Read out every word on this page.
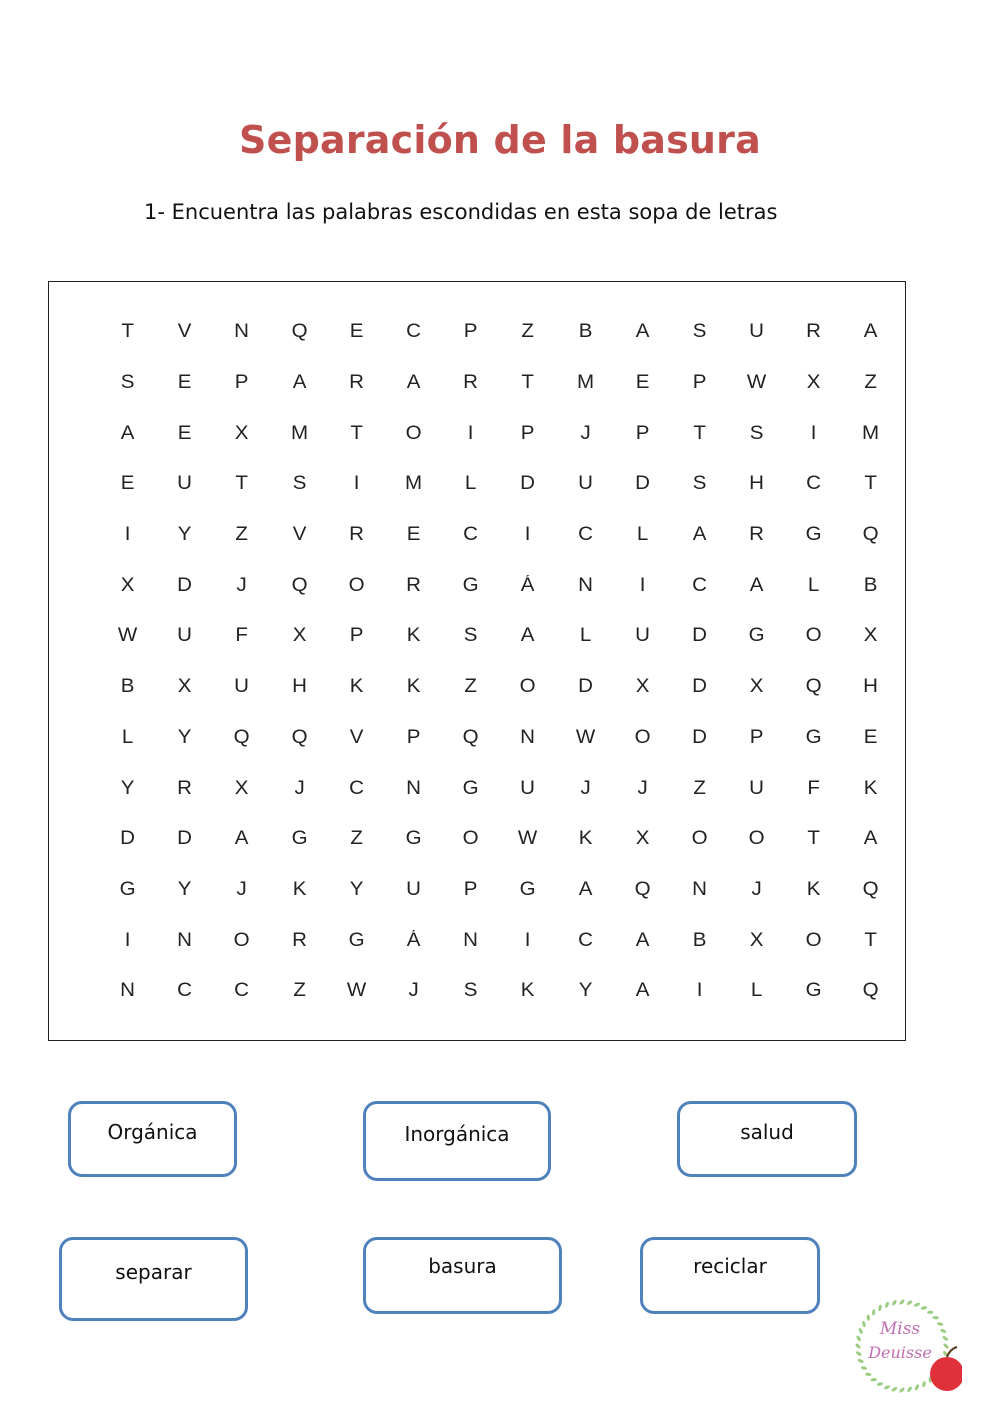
Separación de la basura

1- Encuentra las palabras escondidas en esta sopa de letras

T	V	N	Q	E	C	P	Z	B	A	S	U	R	A
S	E	P	A	R	A	R	T	M	E	P	W	X	Z
A	E	X	M	T	O	I	P	J	P	T	S	I	M
E	U	T	S	I	M	L	D	U	D	S	H	C	T
I	Y	Z	V	R	E	C	I	C	L	A	R	G	Q
X	D	J	Q	O	R	G	Á	N	I	C	A	L	B
W	U	F	X	P	K	S	A	L	U	D	G	O	X
B	X	U	H	K	K	Z	O	D	X	D	X	Q	H
L	Y	Q	Q	V	P	Q	N	W	O	D	P	G	E
Y	R	X	J	C	N	G	U	J	J	Z	U	F	K
D	D	A	G	Z	G	O	W	K	X	O	O	T	A
G	Y	J	K	Y	U	P	G	A	Q	N	J	K	Q
I	N	O	R	G	Á	N	I	C	A	B	X	O	T
N	C	C	Z	W	J	S	K	Y	A	I	L	G	Q
Orgánica	Inorgánica	salud
separar	basura	reciclar
Miss
Deuisse
